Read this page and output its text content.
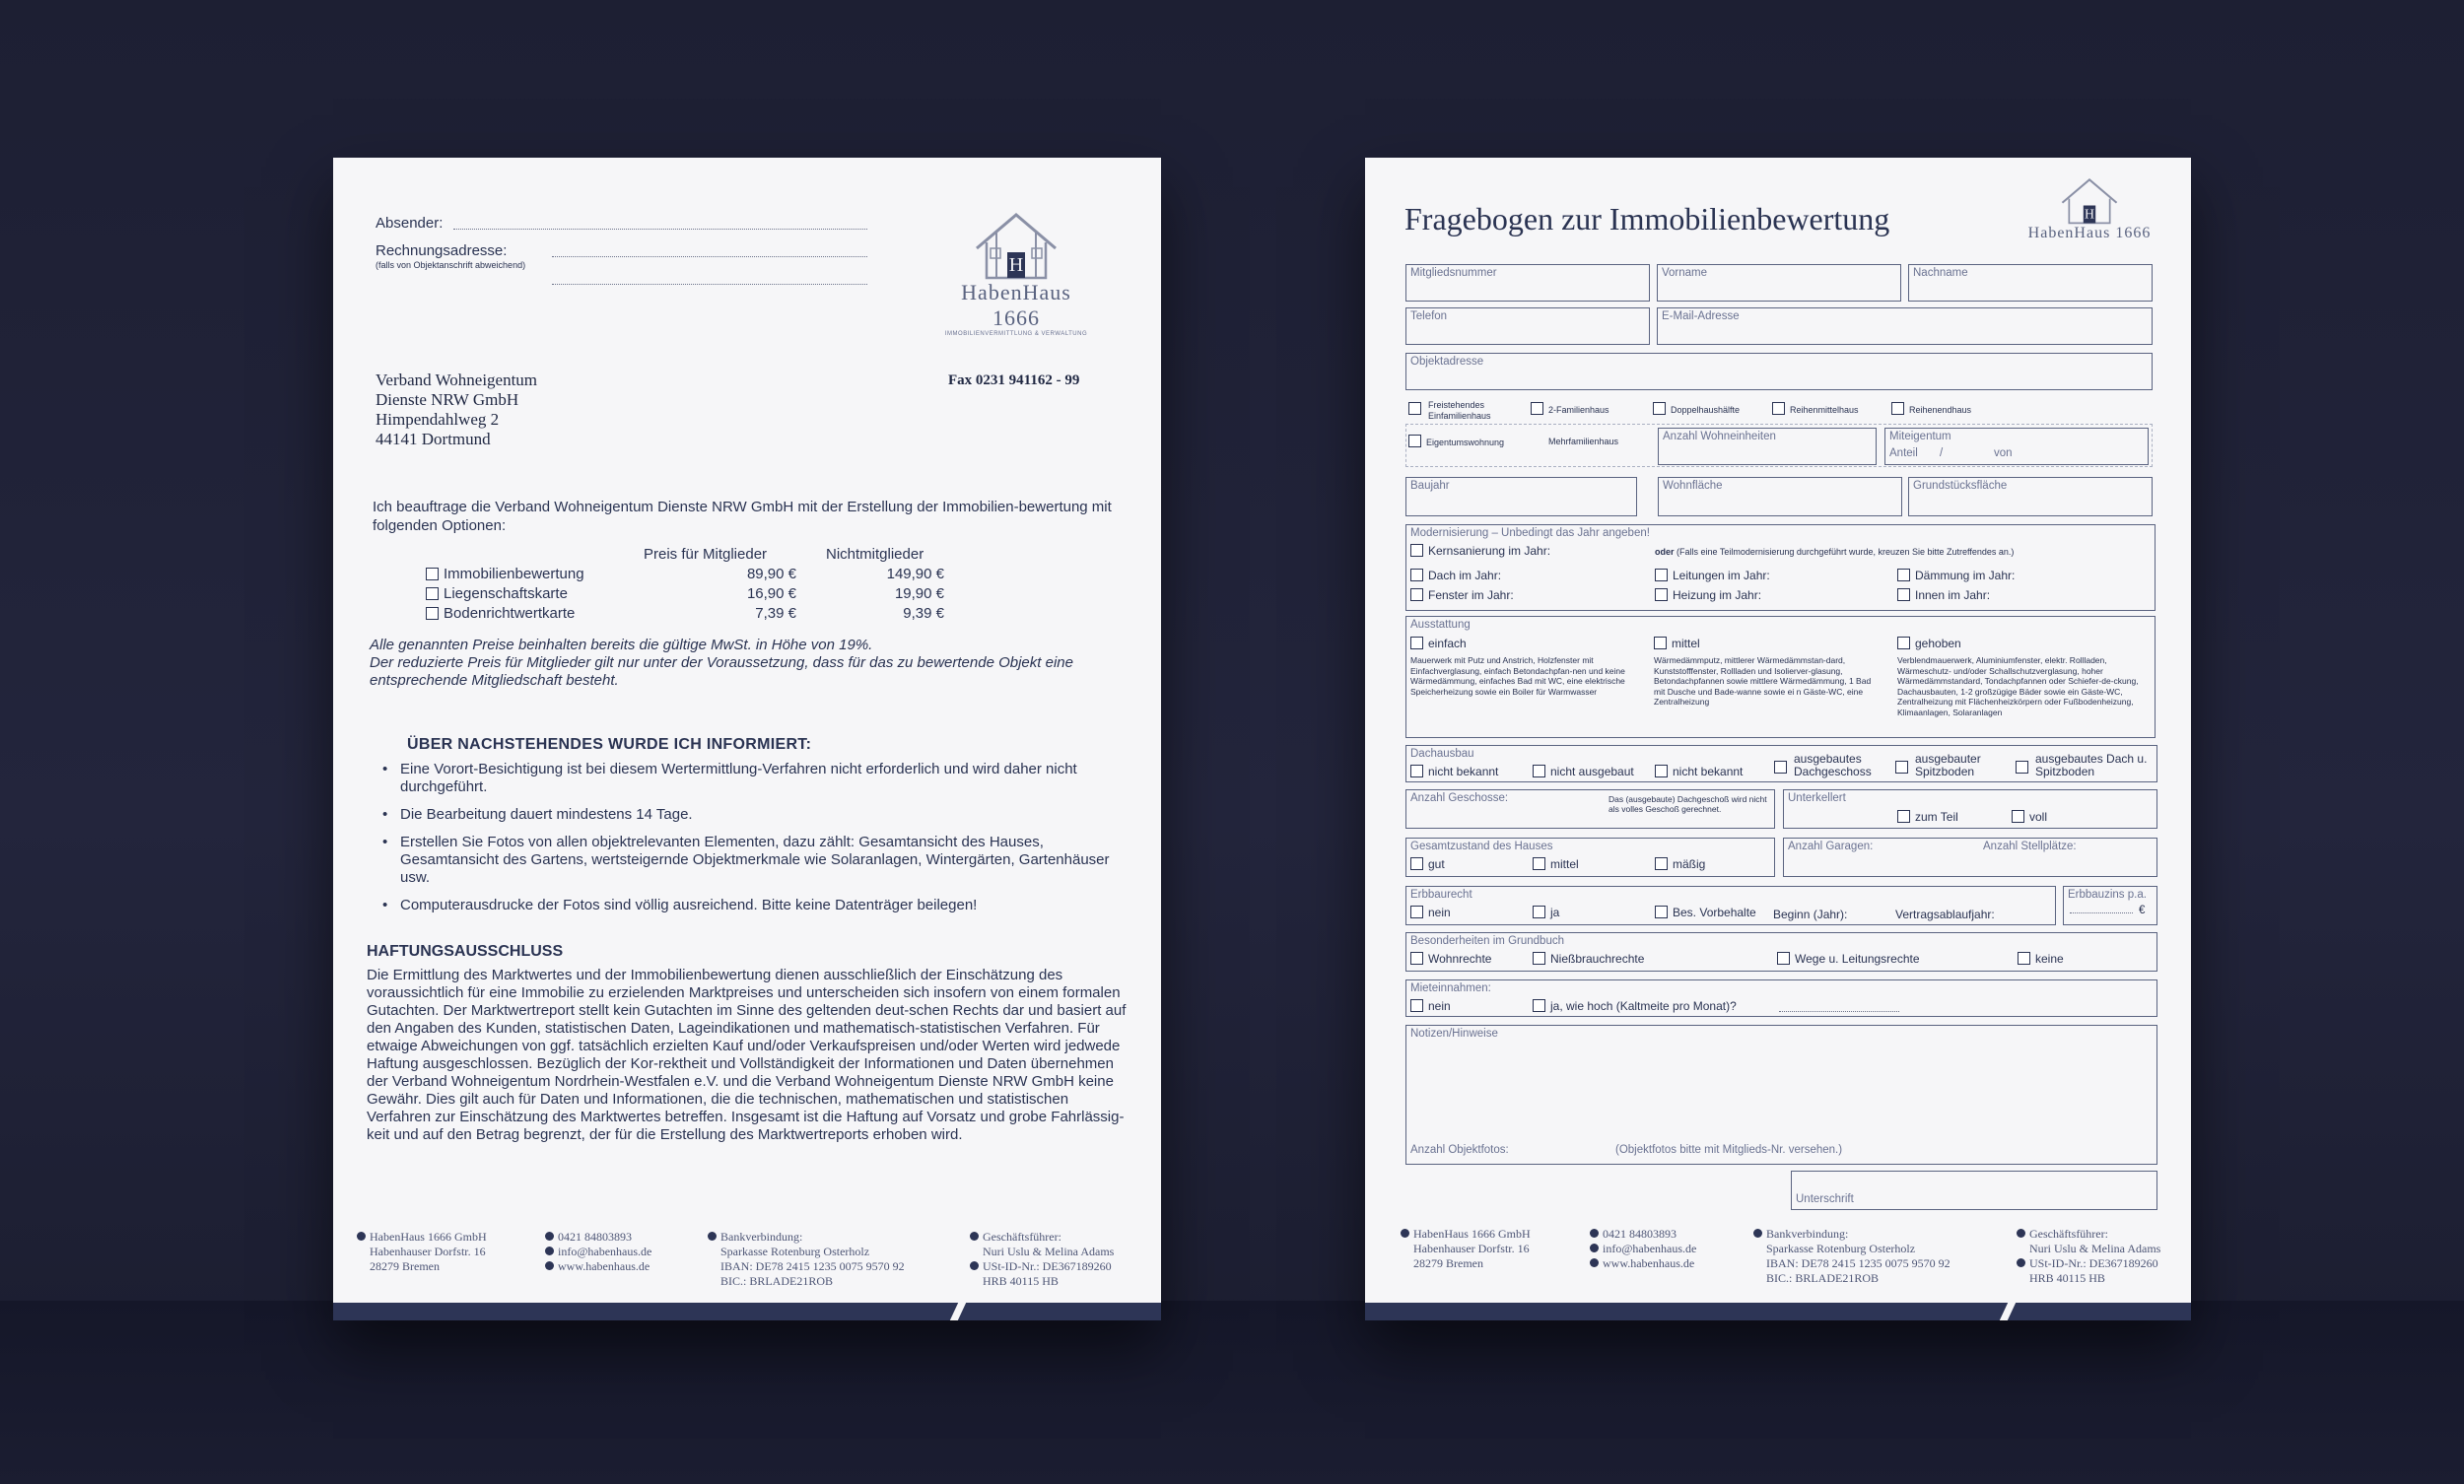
Absender:
Rechnungsadresse:
(falls von Objektanschrift abweichend)	H
HabenHaus 1666
IMMOBILIENVERMITTLUNG & VERWALTUNG
Verband Wohneigentum
Dienste NRW GmbH
Himpendahlweg 2
44141 Dortmund
Fax 0231 941162 - 99
Ich beauftrage die Verband Wohneigentum Dienste NRW GmbH mit der Erstellung der Immobilien-bewertung mit folgenden Optionen:
Preis für Mitglieder	Nichtmitglieder
Immobilienbewertung	89,90 €	149,90 €
Liegenschaftskarte	16,90 €	19,90 €
Bodenrichtwertkarte	7,39 €	9,39 €
Alle genannten Preise beinhalten bereits die gültige MwSt. in Höhe von 19%.
Der reduzierte Preis für Mitglieder gilt nur unter der Voraussetzung, dass für das zu bewertende Objekt eine entsprechende Mitgliedschaft besteht.
ÜBER NACHSTEHENDES WURDE ICH INFORMIERT:
• Eine Vorort-Besichtigung ist bei diesem Wertermittlung-Verfahren nicht erforderlich und wird daher nicht durchgeführt.
• Die Bearbeitung dauert mindestens 14 Tage.
• Erstellen Sie Fotos von allen objektrelevanten Elementen, dazu zählt: Gesamtansicht des Hauses, Gesamtansicht des Gartens, wertsteigernde Objektmerkmale wie Solaranlagen, Wintergärten, Gartenhäuser usw.
• Computerausdrucke der Fotos sind völlig ausreichend. Bitte keine Datenträger beilegen!
HAFTUNGSAUSSCHLUSS
Die Ermittlung des Marktwertes und der Immobilienbewertung dienen ausschließlich der Einschätzung des voraussichtlich für eine Immobilie zu erzielenden Marktpreises und unterscheiden sich insofern von einem formalen Gutachten. Der Marktwertreport stellt kein Gutachten im Sinne des geltenden deut-schen Rechts dar und basiert auf den Angaben des Kunden, statistischen Daten, Lageindikationen und mathematisch-statistischen Verfahren. Für etwaige Abweichungen von ggf. tatsächlich erzielten Kauf und/oder Verkaufspreisen und/oder Werten wird jedwede Haftung ausgeschlossen. Bezüglich der Kor-rektheit und Vollständigkeit der Informationen und Daten übernehmen der Verband Wohneigentum Nordrhein-Westfalen e.V. und die Verband Wohneigentum Dienste NRW GmbH keine Gewähr. Dies gilt auch für Daten und Informationen, die die technischen, mathematischen und statistischen Verfahren zur Einschätzung des Marktwertes betreffen. Insgesamt ist die Haftung auf Vorsatz und grobe Fahrlässig-keit und auf den Betrag begrenzt, der für die Erstellung des Marktwertreports erhoben wird.
HabenHaus 1666 GmbH
Habenhauser Dorfstr. 16
28279 Bremen
0421 84803893
info@habenhaus.de
www.habenhaus.de
Bankverbindung:
Sparkasse Rotenburg Osterholz
IBAN: DE78 2415 1235 0075 9570 92
BIC.: BRLADE21ROB
Geschäftsführer:
Nuri Uslu & Melina Adams
USt-ID-Nr.: DE367189260
HRB 40115 HB
Fragebogen zur Immobilienbewertung	H
HabenHaus 1666
Mitgliedsnummer	Vorname	Nachname
Telefon	E-Mail-Adresse
Objektadresse
Freistehendes Einfamilienhaus
2-Familienhaus	Doppelhaushälfte	Reihenmittelhaus	Reihenendhaus
Eigentumswohnung	Mehrfamilienhaus	Anzahl Wohneinheiten	Miteigentum
Anteil /	von
Baujahr	Wohnfläche	Grundstücksfläche
Modernisierung – Unbedingt das Jahr angeben!
Kernsanierung im Jahr:	oder (Falls eine Teilmodernisierung durchgeführt wurde, kreuzen Sie bitte Zutreffendes an.)
Dach im Jahr:	Leitungen im Jahr:	Dämmung im Jahr:
Fenster im Jahr:	Heizung im Jahr:	Innen im Jahr:
Ausstattung
einfach
Mauerwerk mit Putz und Anstrich, Holzfenster mit Einfachverglasung, einfach Betondachpfan-nen und keine Wärmedämmung, einfaches Bad mit WC, eine elektrische Speicherheizung sowie ein Boiler für Warmwasser
mittel
Wärmedämmputz, mittlerer Wärmedämmstan-dard, Kunststofffenster, Rollladen und Isolierver-glasung, Betondachpfannen sowie mittlere Wärmedämmung, 1 Bad mit Dusche und Bade-wanne sowie ei n Gäste-WC, eine Zentralheizung
gehoben
Verblendmauerwerk, Aluminiumfenster, elektr. Rollladen, Wärmeschutz- und/oder Schallschutzverglasung, hoher Wärmedämmstandard, Tondachpfannen oder Schiefer-de-ckung, Dachausbauten, 1-2 großzügige Bäder sowie ein Gäste-WC, Zentralheizung mit Flächenheizkörpern oder Fußbodenheizung, Klimaanlagen, Solaranlagen
Dachausbau
nicht bekannt	nicht ausgebaut	nicht bekannt
ausgebautes Dachgeschoss
ausgebauter Spitzboden
ausgebautes Dach u. Spitzboden
Anzahl Geschosse:	Das (ausgebaute) Dachgeschoß wird nicht als volles Geschoß gerechnet.
Unterkellert
zum Teil	voll
Gesamtzustand des Hauses
gut	mittel	mäßig
Anzahl Garagen:	Anzahl Stellplätze:
Erbbaurecht
nein	ja	Bes. Vorbehalte Beginn (Jahr):	Vertragsablaufjahr:
Erbbauzins p.a.
€
Besonderheiten im Grundbuch
Wohnrechte	Nießbrauchrechte	Wege u. Leitungsrechte	keine
Mieteinnahmen:
nein	ja, wie hoch (Kaltmeite pro Monat)?
Notizen/Hinweise
Anzahl Objektfotos:	(Objektfotos bitte mit Mitglieds-Nr. versehen.)
Unterschrift
HabenHaus 1666 GmbH
Habenhauser Dorfstr. 16
28279 Bremen
0421 84803893
info@habenhaus.de
www.habenhaus.de
Bankverbindung:
Sparkasse Rotenburg Osterholz
IBAN: DE78 2415 1235 0075 9570 92
BIC.: BRLADE21ROB
Geschäftsführer:
Nuri Uslu & Melina Adams
USt-ID-Nr.: DE367189260
HRB 40115 HB
